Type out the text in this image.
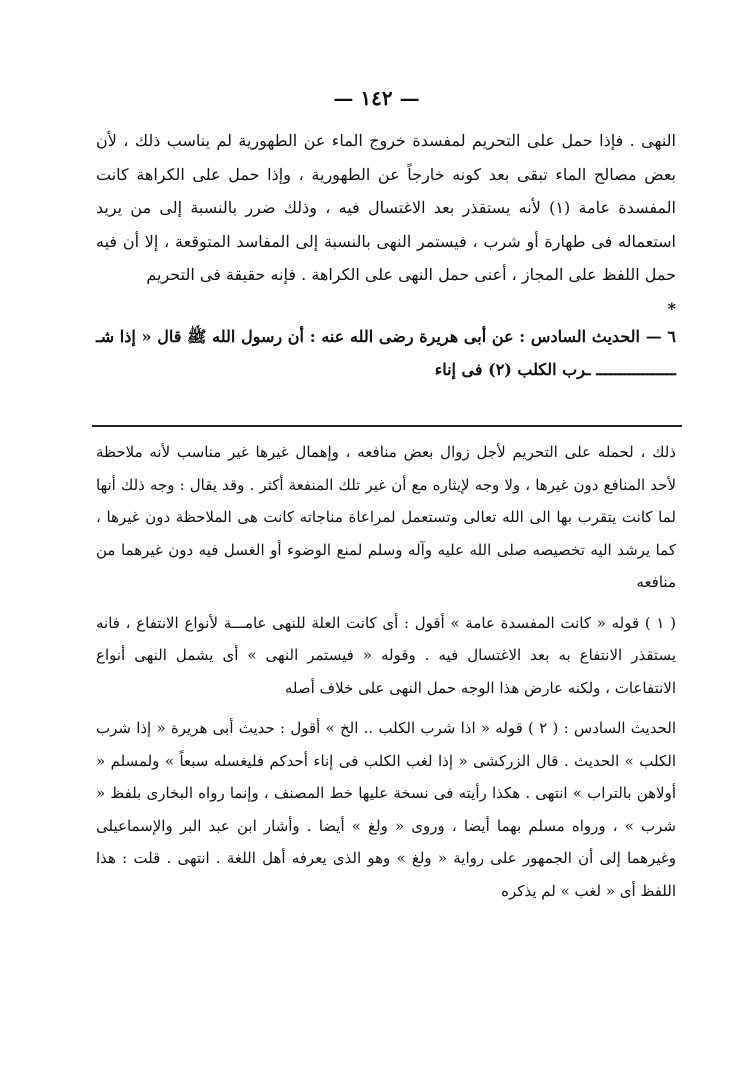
— ١٤٢ —

النهى . فإذا حمل على التحريم لمفسدة خروج الماء عن الطهورية لم يناسب ذلك ، لأن بعض مصالح الماء تبقى بعد كونه خارجاً عن الطهورية ، وإذا حمل على الكراهة كانت المفسدة عامة (١) لأنه يستقذر بعد الاغتسال فيه ، وذلك ضرر بالنسبة إلى من يريد استعماله فى طهارة أو شرب ، فيستمر النهى بالنسبة إلى المفاسد المتوقعة ، إلا أن فيه حمل اللفظ على المجاز ، أعنى حمل النهى على الكراهة . فإنه حقيقة فى التحريم

*

٦ — الحديث السادس : عن أبى هريرة رضى الله عنه : أن رسول الله ﷺ قال « إذا شـ ـــــــــــــــــ ـرب الكلب (٢) فى إناء

ذلك ، لحمله على التحريم لأجل زوال بعض منافعه ، وإهمال غيرها غير مناسب لأنه ملاحظة لأحد المنافع دون غيرها ، ولا وجه لإيثاره مع أن غير تلك المنفعة أكثر . وقد يقال : وجه ذلك أنها لما كانت يتقرب بها الى الله تعالى وتستعمل لمراعاة مناجاته كانت هى الملاحظة دون غيرها ، كما يرشد اليه تخصيصه صلى الله عليه وآله وسلم لمنع الوضوء أو الغسل فيه دون غيرهما من منافعه

( ١ ) قوله « كانت المفسدة عامة » أقول : أى كانت العلة للنهى عامـــة لأنواع الانتفاع ، فانه يستقذر الانتفاع به بعد الاغتسال فيه . وقوله « فيستمر النهى » أى يشمل النهى أنواع الانتفاعات ، ولكنه عارض هذا الوجه حمل النهى على خلاف أصله

الحديث السادس : ( ٢ ) قوله « اذا شرب الكلب .. الخ » أقول : حديث أبى هريرة « إذا شرب الكلب » الحديث . قال الزركشى « إذا لغب الكلب فى إناء أحدكم فليغسله سبعاً » ولمسلم « أولاهن بالتراب » انتهى . هكذا رأيته فى نسخة عليها خط المصنف ، وإنما رواه البخارى بلفظ « شرب » ، ورواه مسلم بهما أيضا ، وروى « ولغ » أيضا . وأشار ابن عبد البر والإسماعيلى وغيرهما إلى أن الجمهور على رواية « ولغ » وهو الذى يعرفه أهل اللغة . انتهى . قلت : هذا اللفظ أى « لغب » لم يذكره
